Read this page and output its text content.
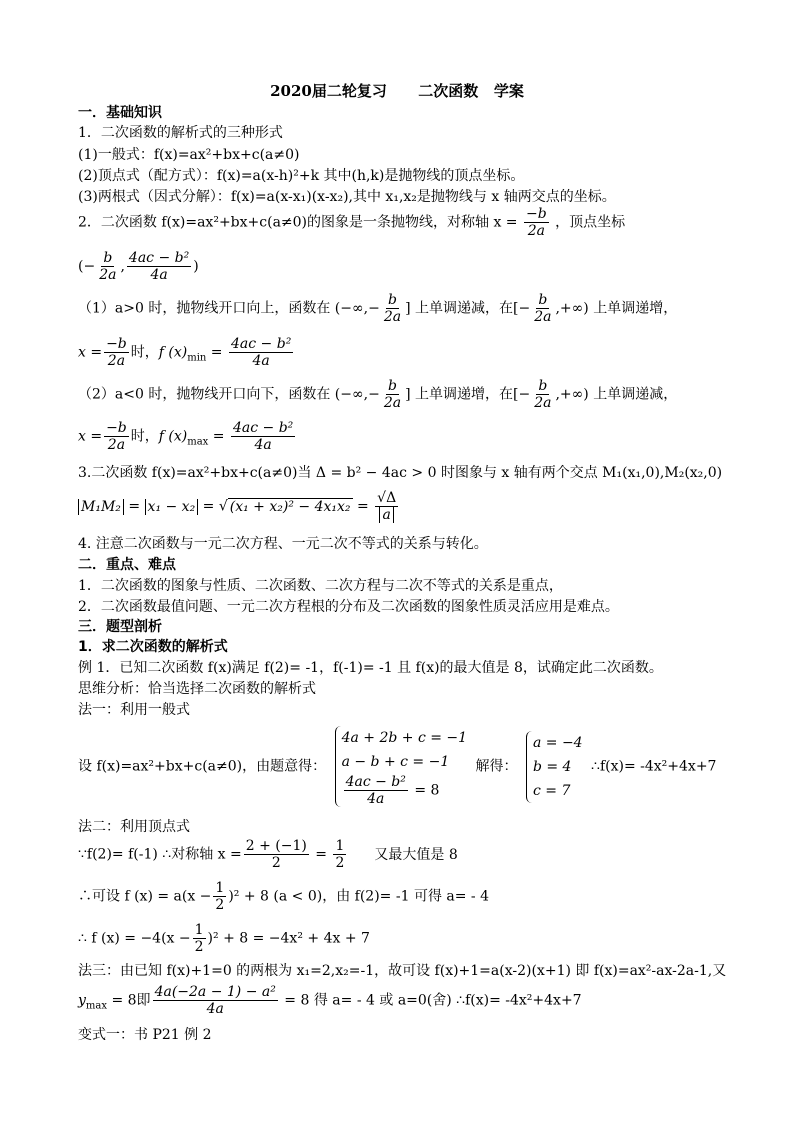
2020届二轮复习      二次函数   学案
一．基础知识
1．二次函数的解析式的三种形式
(1)一般式：f(x)=ax²+bx+c(a≠0)
(2)顶点式（配方式）：f(x)=a(x-h)²+k 其中(h,k)是抛物线的顶点坐标。
(3)两根式（因式分解）：f(x)=a(x-x₁)(x-x₂),其中 x₁,x₂是抛物线与 x 轴两交点的坐标。
2．二次函数 f(x)=ax²+bx+c(a≠0)的图象是一条抛物线，对称轴 $x = \frac{-b}{2a}$ ，顶点坐标
(− $\frac{b}{2a}$ , $\frac{\text{4ac − b²}}{4a}$ )
（1）a>0 时，抛物线开口向上，函数在 (−∞,− $\frac{b}{2a}$ ] 上单调递减，在[− $\frac{b}{2a}$ ,+∞) 上单调递增，
$x = \frac{-b}{2a}$ 时，f $(x)_{min} = \frac{\text{4ac − b²}}{4a}$
（2）a<0 时，抛物线开口向下，函数在 (−∞,− $\frac{b}{2a}$ ] 上单调递增，在[− $\frac{b}{2a}$ ,+∞) 上单调递减，
$x = \frac{-b}{2a}$ 时，f $(x)_{max} = \frac{\text{4ac − b²}}{4a}$
3.二次函数 f(x)=ax²+bx+c(a≠0)当 Δ = b² − 4ac > 0 时图象与 x 轴有两个交点 M₁(x₁,0),M₂(x₂,0)
M₁M₂ = x₁ − x₂ = √ $(x_1 + x_2)^2 - 4x_1x_2 = \frac{√\Delta}{a}$
4. 注意二次函数与一元二次方程、一元二次不等式的关系与转化。
二．重点、难点
1．二次函数的图象与性质、二次函数、二次方程与二次不等式的关系是重点，
2．二次函数最值问题、一元二次方程根的分布及二次函数的图象性质灵活应用是难点。
三．题型剖析
1．求二次函数的解析式
例 1．已知二次函数 f(x)满足 f(2)= -1，f(-1)= -1 且 f(x)的最大值是 8，试确定此二次函数。
思维分析：恰当选择二次函数的解析式
法一：利用一般式
设 f(x)=ax²+bx+c(a≠0)，由题意得：
4a + 2b + c = −1
a − b + c = −1
$\frac{\text{4ac − b²}}{4a} = 8$
解得：
a = −4
b = 4
c = 7
∴f(x)= -4x²+4x+7
法二：利用顶点式
∵f(2)= f(-1) ∴对称轴 $x = \frac{2 + (-1)}{2} = \frac{1}{2}$ 又最大值是 8
∴可设 f $(x) = a(x - \frac{1}{2} )^2 + 8$ (a < 0)，由 f(2)= -1 可得 a= - 4
∴ f $(x) = -4(x - \frac{1}{2} )^2 + 8 = -4x^2 + 4x + 7$
法三：由已知 f(x)+1=0 的两根为 x₁=2,x₂=-1，故可设 f(x)+1=a(x-2)(x+1) 即 f(x)=ax²-ax-2a-1,又
$y_{max} = 8$即 $\frac{\text{4a(−2a − 1) − a²}}{4a} = 8$ 得 a= - 4 或 a=0(舍) ∴f(x)= -4x²+4x+7
变式一：书 P21 例 2
